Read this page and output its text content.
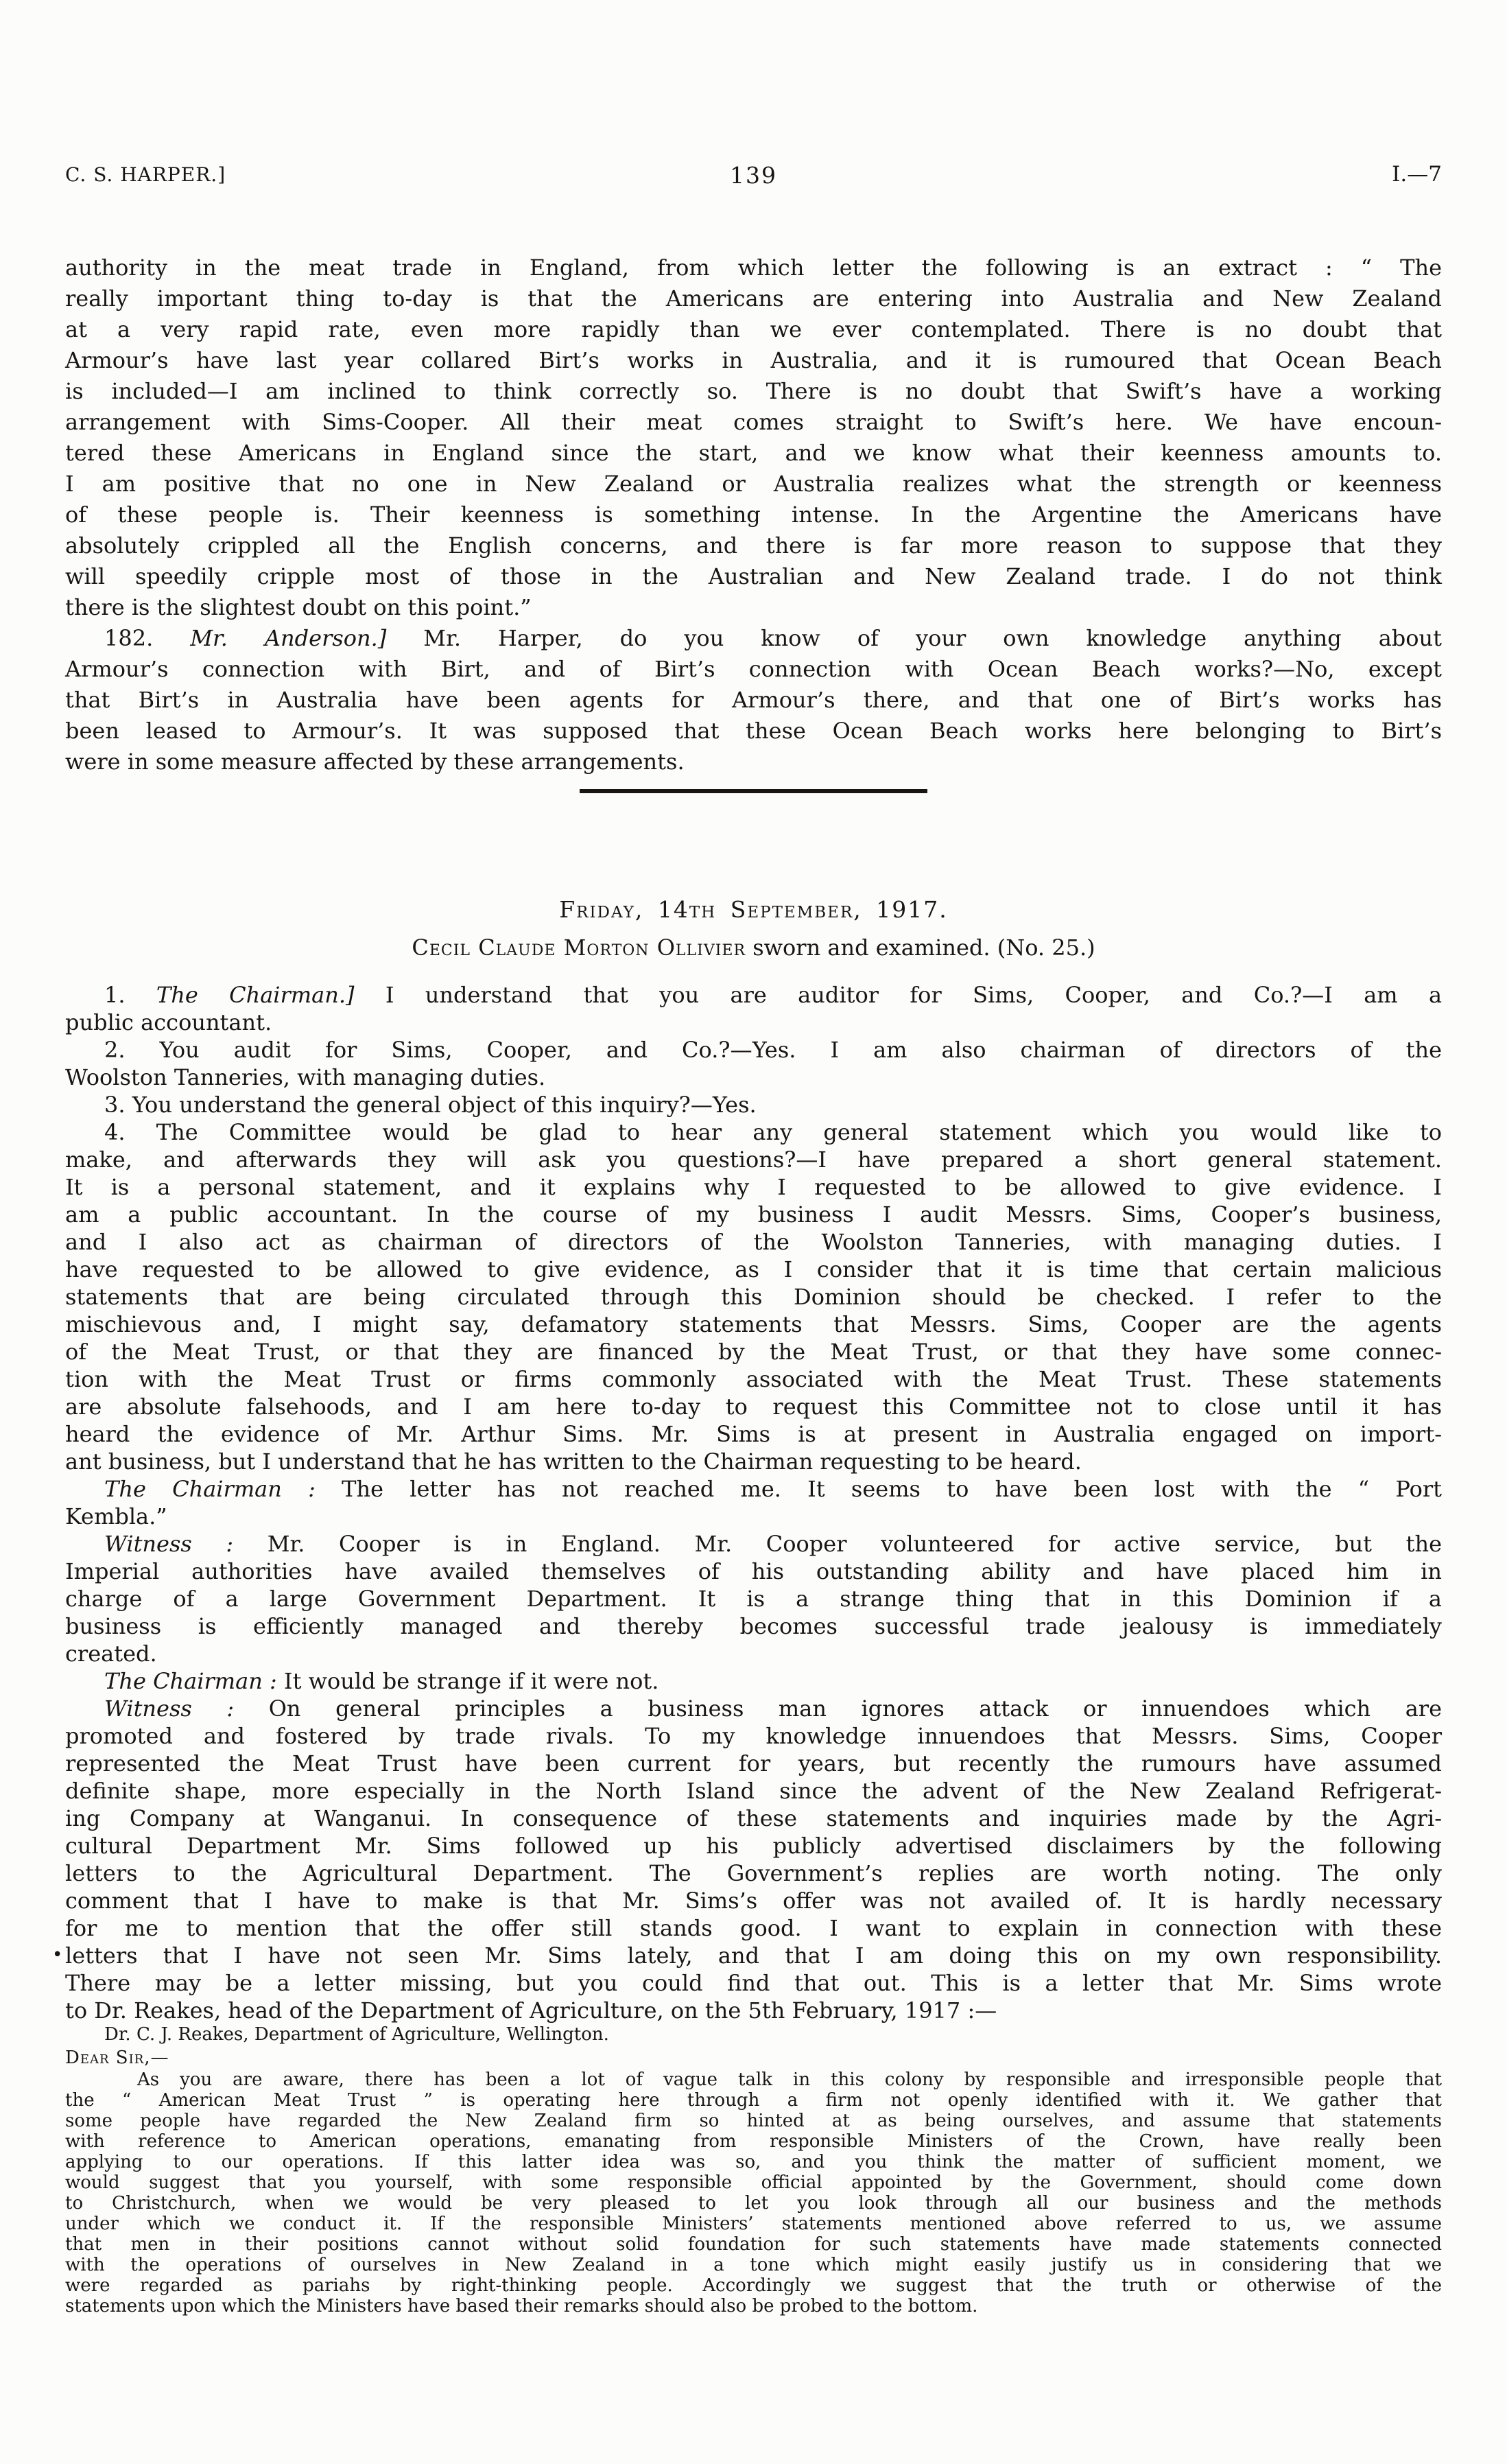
C. S. HARPER.]	139	I.—7
authority in the meat trade in England, from which letter the following is an extract : “ The
really important thing to-day is that the Americans are entering into Australia and New Zealand
at a very rapid rate, even more rapidly than we ever contemplated. There is no doubt that
Armour’s have last year collared Birt’s works in Australia, and it is rumoured that Ocean Beach
is included—I am inclined to think correctly so. There is no doubt that Swift’s have a working
arrangement with Sims-Cooper. All their meat comes straight to Swift’s here. We have encoun-
tered these Americans in England since the start, and we know what their keenness amounts to.
I am positive that no one in New Zealand or Australia realizes what the strength or keenness
of these people is. Their keenness is something intense. In the Argentine the Americans have
absolutely crippled all the English concerns, and there is far more reason to suppose that they
will speedily cripple most of those in the Australian and New Zealand trade. I do not think
there is the slightest doubt on this point.”
182. Mr. Anderson.] Mr. Harper, do you know of your own knowledge anything about
Armour’s connection with Birt, and of Birt’s connection with Ocean Beach works?—No, except
that Birt’s in Australia have been agents for Armour’s there, and that one of Birt’s works has
been leased to Armour’s. It was supposed that these Ocean Beach works here belonging to Birt’s
were in some measure affected by these arrangements.
Friday, 14th September, 1917.
Cecil Claude Morton Ollivier sworn and examined. (No. 25.)
1. The Chairman.] I understand that you are auditor for Sims, Cooper, and Co.?—I am a
public accountant.
2. You audit for Sims, Cooper, and Co.?—Yes. I am also chairman of directors of the
Woolston Tanneries, with managing duties.
3. You understand the general object of this inquiry?—Yes.
4. The Committee would be glad to hear any general statement which you would like to
make, and afterwards they will ask you questions?—I have prepared a short general statement.
It is a personal statement, and it explains why I requested to be allowed to give evidence. I
am a public accountant. In the course of my business I audit Messrs. Sims, Cooper’s business,
and I also act as chairman of directors of the Woolston Tanneries, with managing duties. I
have requested to be allowed to give evidence, as I consider that it is time that certain malicious
statements that are being circulated through this Dominion should be checked. I refer to the
mischievous and, I might say, defamatory statements that Messrs. Sims, Cooper are the agents
of the Meat Trust, or that they are financed by the Meat Trust, or that they have some connec-
tion with the Meat Trust or firms commonly associated with the Meat Trust. These statements
are absolute falsehoods, and I am here to-day to request this Committee not to close until it has
heard the evidence of Mr. Arthur Sims. Mr. Sims is at present in Australia engaged on import-
ant business, but I understand that he has written to the Chairman requesting to be heard.
The Chairman : The letter has not reached me. It seems to have been lost with the “ Port
Kembla.”
Witness : Mr. Cooper is in England. Mr. Cooper volunteered for active service, but the
Imperial authorities have availed themselves of his outstanding ability and have placed him in
charge of a large Government Department. It is a strange thing that in this Dominion if a
business is efficiently managed and thereby becomes successful trade jealousy is immediately
created.
The Chairman : It would be strange if it were not.
Witness : On general principles a business man ignores attack or innuendoes which are
promoted and fostered by trade rivals. To my knowledge innuendoes that Messrs. Sims, Cooper
represented the Meat Trust have been current for years, but recently the rumours have assumed
definite shape, more especially in the North Island since the advent of the New Zealand Refrigerat-
ing Company at Wanganui. In consequence of these statements and inquiries made by the Agri-
cultural Department Mr. Sims followed up his publicly advertised disclaimers by the following
letters to the Agricultural Department. The Government’s replies are worth noting. The only
comment that I have to make is that Mr. Sims’s offer was not availed of. It is hardly necessary
for me to mention that the offer still stands good. I want to explain in connection with these
letters that I have not seen Mr. Sims lately, and that I am doing this on my own responsibility.
There may be a letter missing, but you could find that out. This is a letter that Mr. Sims wrote
to Dr. Reakes, head of the Department of Agriculture, on the 5th February, 1917 :—
•
Dr. C. J. Reakes, Department of Agriculture, Wellington.
Dear Sir,—
As you are aware, there has been a lot of vague talk in this colony by responsible and irresponsible people that
the “ American Meat Trust ” is operating here through a firm not openly identified with it. We gather that
some people have regarded the New Zealand firm so hinted at as being ourselves, and assume that statements
with reference to American operations, emanating from responsible Ministers of the Crown, have really been
applying to our operations. If this latter idea was so, and you think the matter of sufficient moment, we
would suggest that you yourself, with some responsible official appointed by the Government, should come down
to Christchurch, when we would be very pleased to let you look through all our business and the methods
under which we conduct it. If the responsible Ministers’ statements mentioned above referred to us, we assume
that men in their positions cannot without solid foundation for such statements have made statements connected
with the operations of ourselves in New Zealand in a tone which might easily justify us in considering that we
were regarded as pariahs by right-thinking people. Accordingly we suggest that the truth or otherwise of the
statements upon which the Ministers have based their remarks should also be probed to the bottom.
